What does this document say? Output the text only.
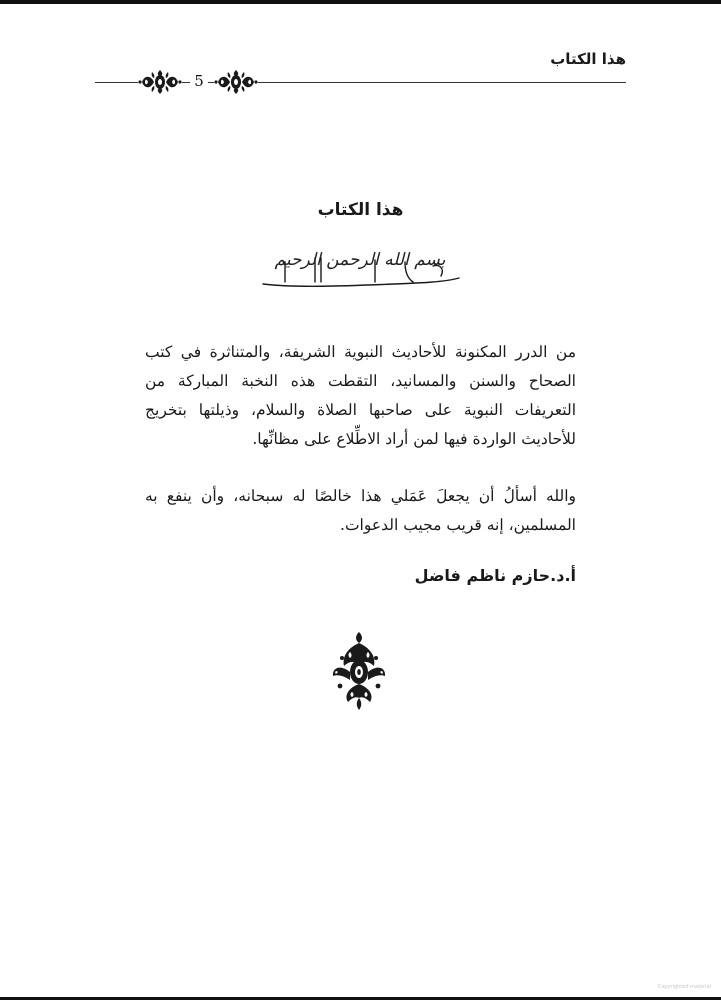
هذا الكتاب
5
هذا الكتاب
بسم الله الرحمن الرحيم

من الدرر المكنونة للأحاديث النبوية الشريفة، والمتناثرة في كتب الصحاح والسنن والمسانيد، التقطت هذه النخبة المباركة من التعريفات النبوية على صاحبها الصلاة والسلام، وذيلتها بتخريج للأحاديث الواردة فيها لمن أراد الاطِّلاع على مظانِّها.

والله أسألُ أن يجعلَ عَمَلي هذا خالصًا له سبحانه، وأن ينفع به المسلمين، إنه قريب مجيب الدعوات.

أ.د.حازم ناظم فاضل
Copyrighted material
